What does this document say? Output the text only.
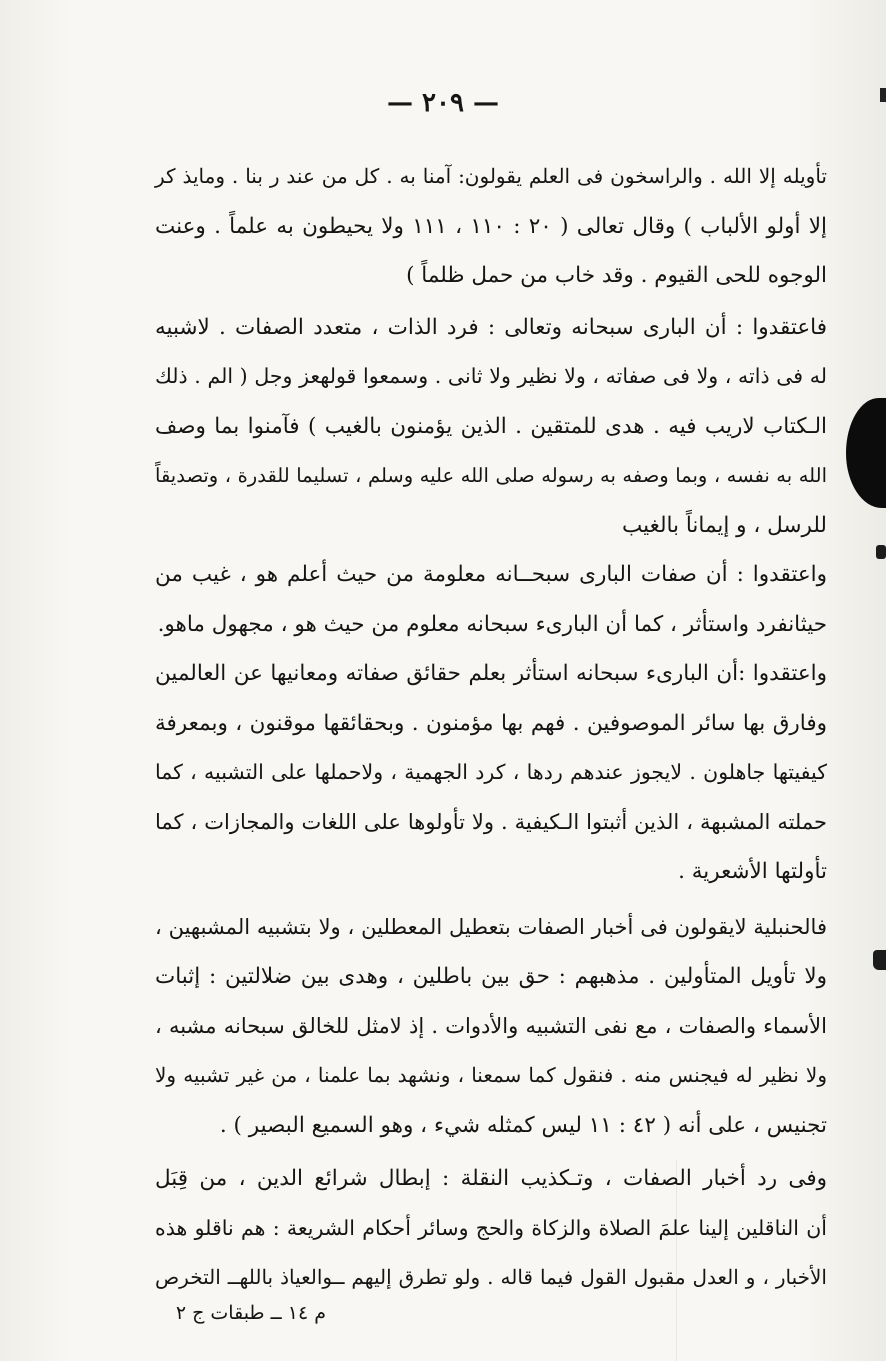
— ٢٠٩ —
تأويله إلا الله . والراسخون فى العلم يقولون: آمنا به . كل من عند ر بنا . ومايذ كر
إلا أولو الألباب ) وقال تعالى ( ٢٠ : ١١٠ ، ١١١ ولا يحيطون به علماً . وعنت
الوجوه للحى القيوم . وقد خاب من حمل ظلماً )
فاعتقدوا : أن البارى سبحانه وتعالى : فرد الذات ، متعدد الصفات . لاشبيه
له فى ذاته ، ولا فى صفاته ، ولا نظير ولا ثانى . وسمعوا قولهعز وجل ( الم . ذلك
الـكتاب لاريب فيه . هدى للمتقين . الذين يؤمنون بالغيب ) فآمنوا بما وصف
الله به نفسه ، وبما وصفه به رسوله صلى الله عليه وسلم ، تسليما للقدرة ، وتصديقاً
للرسل ، و إيماناً بالغيب
واعتقدوا : أن صفات البارى سبحــانه معلومة من حيث أعلم هو ، غيب من
حيثانفرد واستأثر ، كما أن البارىء سبحانه معلوم من حيث هو ، مجهول ماهو.
واعتقدوا :أن البارىء سبحانه استأثر بعلم حقائق صفاته ومعانيها عن العالمين
وفارق بها سائر الموصوفين . فهم بها مؤمنون . وبحقائقها موقنون ، وبمعرفة
كيفيتها جاهلون . لايجوز عندهم ردها ، كرد الجهمية ، ولاحملها على التشبيه ، كما
حملته المشبهة ، الذين أثبتوا الـكيفية . ولا تأولوها على اللغات والمجازات ، كما
تأولتها الأشعرية .
فالحنبلية لايقولون فى أخبار الصفات بتعطيل المعطلين ، ولا بتشبيه المشبهين ،
ولا تأويل المتأولين . مذهبهم : حق بين باطلين ، وهدى بين ضلالتين : إثبات
الأسماء والصفات ، مع نفى التشبيه والأدوات . إذ لامثل للخالق سبحانه مشبه ،
ولا نظير له فيجنس منه . فنقول كما سمعنا ، ونشهد بما علمنا ، من غير تشبيه ولا
تجنيس ، على أنه ( ٤٢ : ١١ ليس كمثله شيء ، وهو السميع البصير ) .
وفى رد أخبار الصفات ، وتـكذيب النقلة : إبطال شرائع الدين ، من قِبَل
أن الناقلين إلينا علمَ الصلاة والزكاة والحج وسائر أحكام الشريعة : هم ناقلو هذه
الأخبار ، و العدل مقبول القول فيما قاله . ولو تطرق إليهم ــوالعياذ باللهــ التخرص
م ١٤ ــ طبقات ج ٢
